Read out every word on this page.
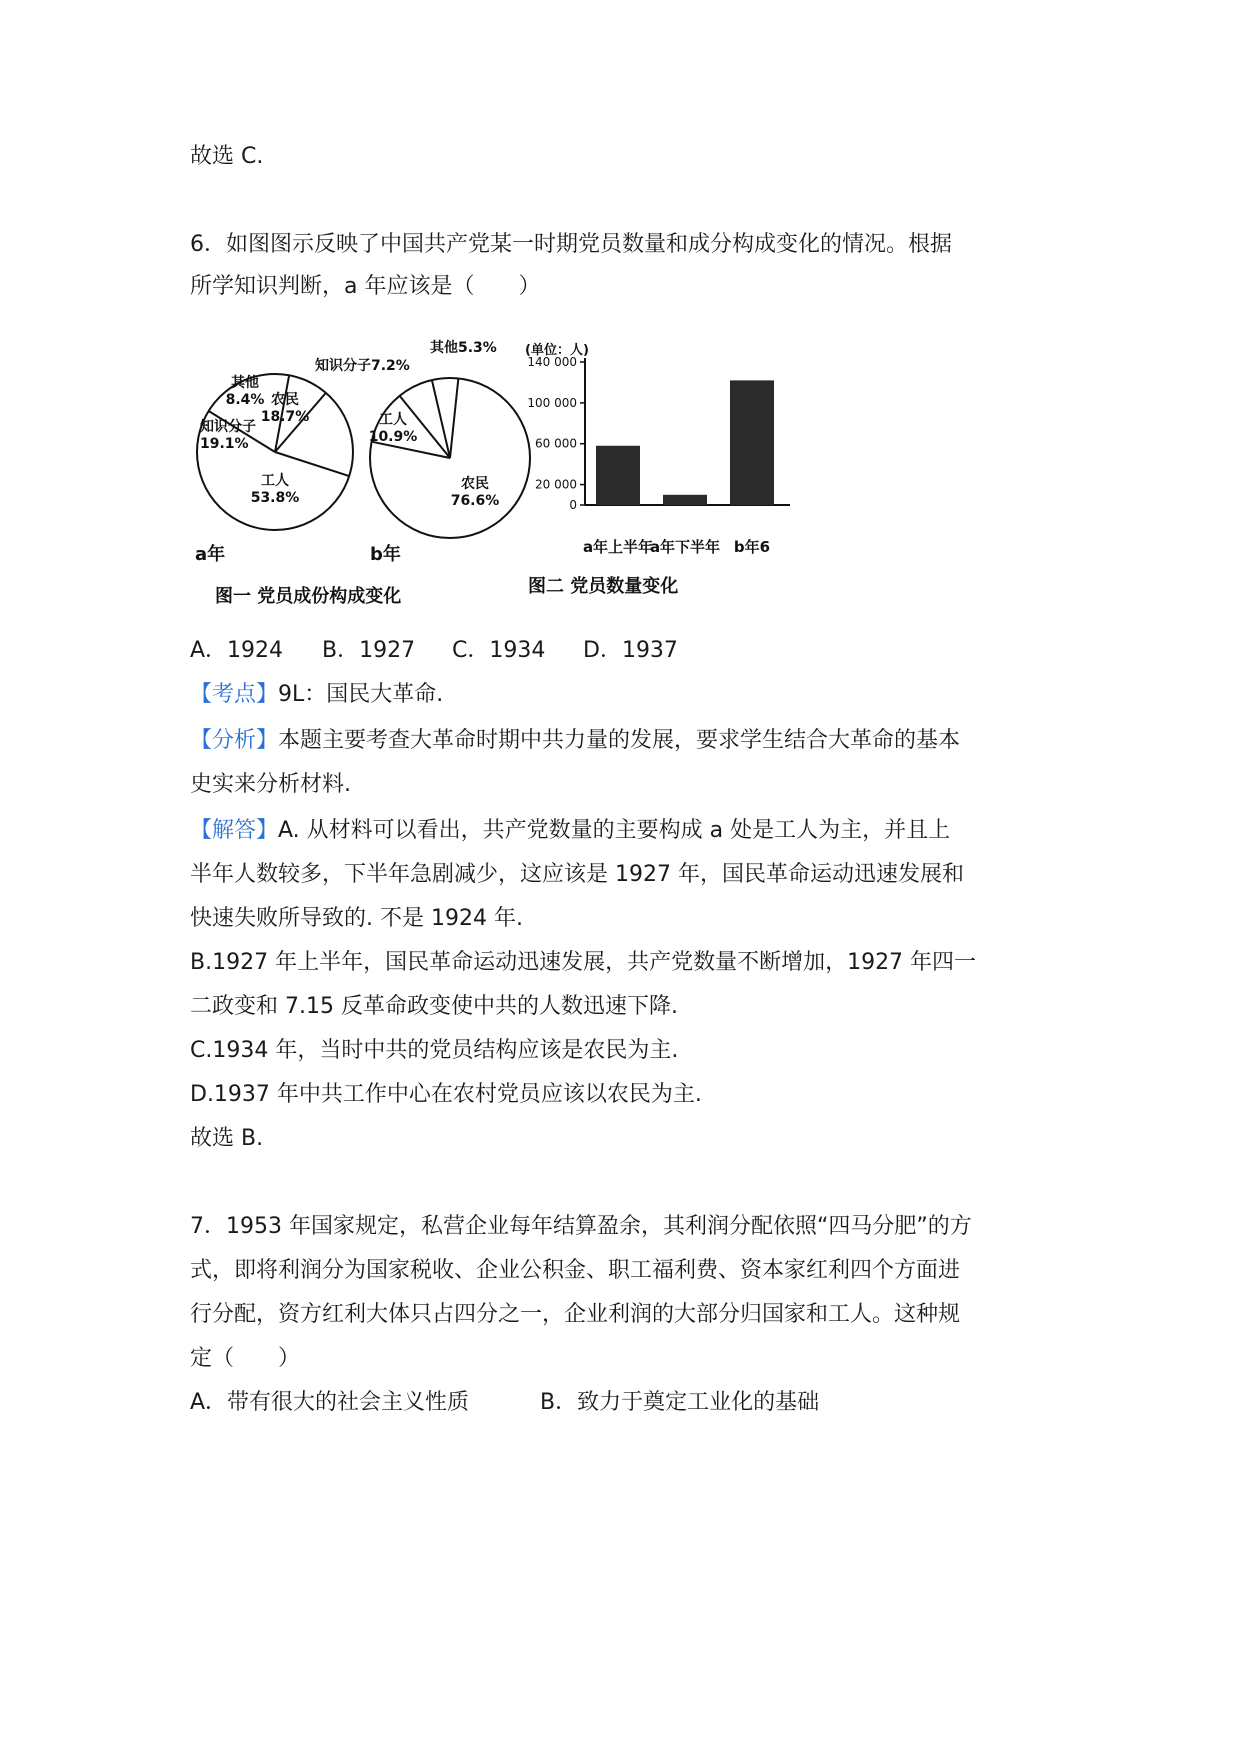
故选 C.
6．如图图示反映了中国共产党某一时期党员数量和成分构成变化的情况。根据
所学知识判断，a 年应该是（　　）
工人
53.8%
知识分子
19.1%
其他
8.4% 农民
18.7%
农民
76.6%
工人
10.9%
知识分子7.2%
其他5.3% (单位：人)
0
20 000
60 000
100 000
140 000
a年上半年
a年下半年 b年6
a年	b年
图一 党员成份构成变化	图二 党员数量变化
A．1924 B．1927 C．1934 D．1937
【考点】9L：国民大革命.
【分析】本题主要考查大革命时期中共力量的发展，要求学生结合大革命的基本
史实来分析材料.
【解答】A. 从材料可以看出，共产党数量的主要构成 a 处是工人为主，并且上
半年人数较多，下半年急剧减少，这应该是 1927 年，国民革命运动迅速发展和
快速失败所导致的. 不是 1924 年.
B.1927 年上半年，国民革命运动迅速发展，共产党数量不断增加，1927 年四一
二政变和 7.15 反革命政变使中共的人数迅速下降.
C.1934 年，当时中共的党员结构应该是农民为主.
D.1937 年中共工作中心在农村党员应该以农民为主.
故选 B.
7．1953 年国家规定，私营企业每年结算盈余，其利润分配依照“四马分肥”的方
式，即将利润分为国家税收、企业公积金、职工福利费、资本家红利四个方面进
行分配，资方红利大体只占四分之一，企业利润的大部分归国家和工人。这种规
定（　　）
A．带有很大的社会主义性质	B．致力于奠定工业化的基础
